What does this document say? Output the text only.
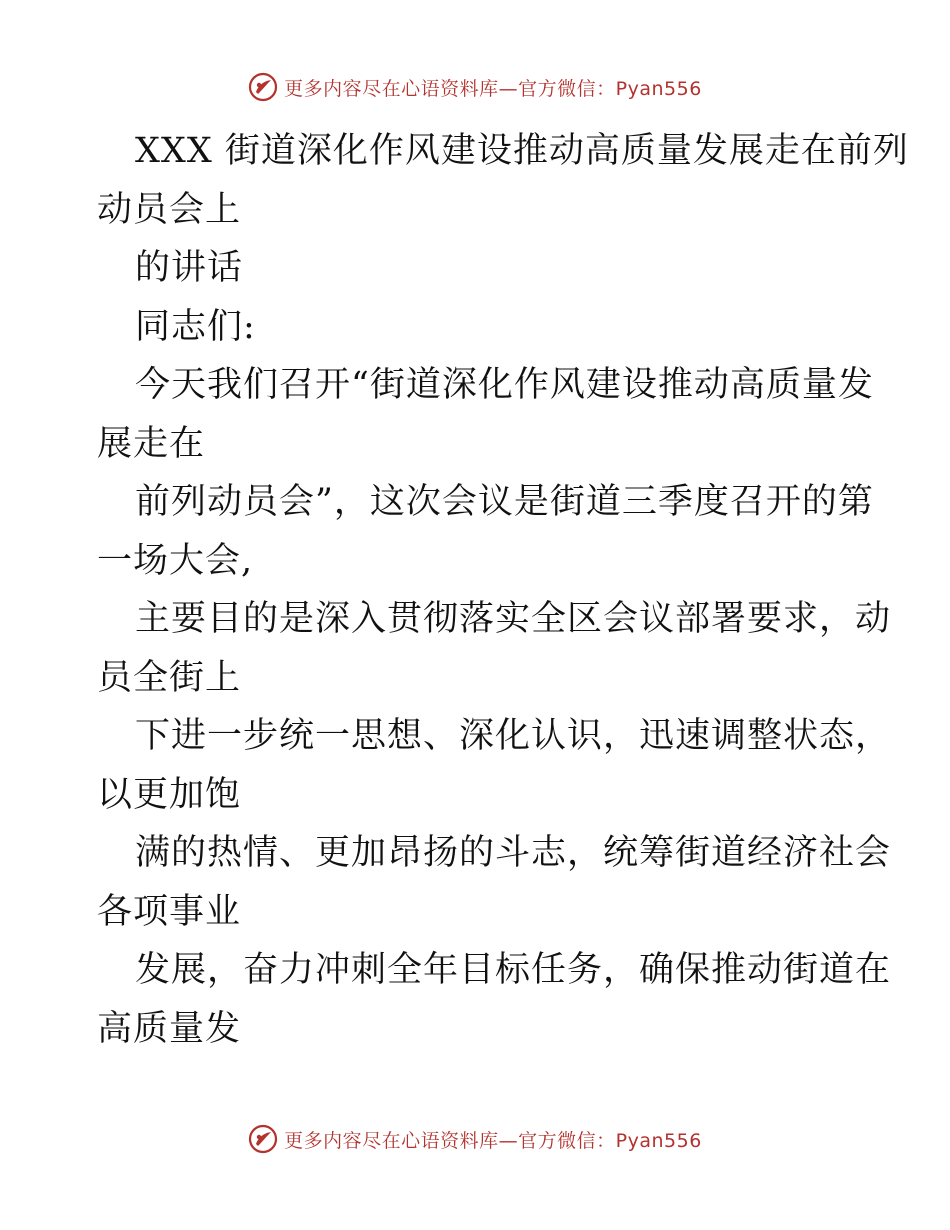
更多内容尽在心语资料库—官方微信：Pyan556
XXX 街道深化作风建设推动高质量发展走在前列
动员会上
的讲话
同志们:
今天我们召开“街道深化作风建设推动高质量发
展走在
前列动员会”，这次会议是街道三季度召开的第
一场大会,
主要目的是深入贯彻落实全区会议部署要求，动
员全街上
下进一步统一思想、深化认识，迅速调整状态，
以更加饱
满的热情、更加昂扬的斗志，统筹街道经济社会
各项事业
发展，奋力冲刺全年目标任务，确保推动街道在
高质量发
更多内容尽在心语资料库—官方微信：Pyan556
